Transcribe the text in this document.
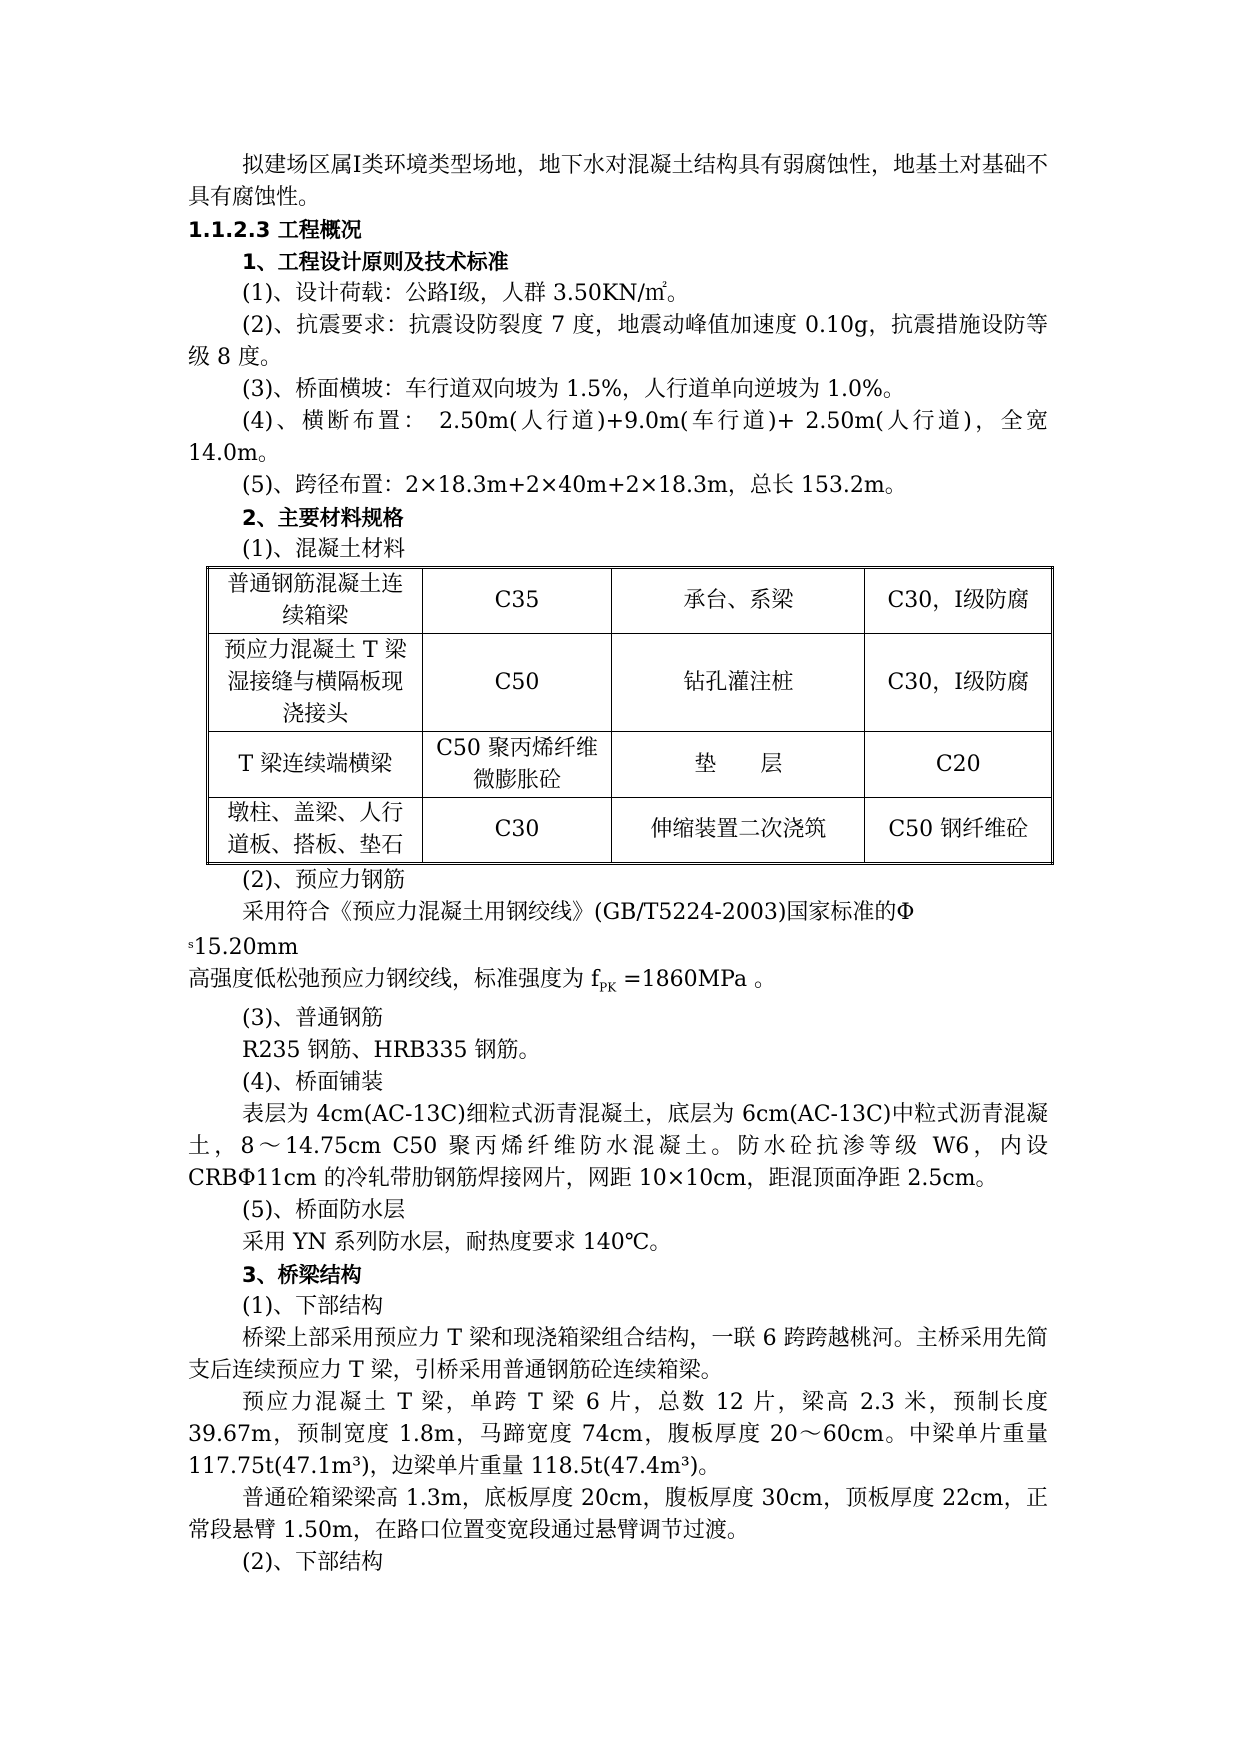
拟建场区属Ⅰ类环境类型场地，地下水对混凝土结构具有弱腐蚀性，地基土对基础不具有腐蚀性。

1.1.2.3 工程概况

1、工程设计原则及技术标准

(1)、设计荷载：公路Ⅰ级，人群 3.50KN/㎡。

(2)、抗震要求：抗震设防裂度 7 度，地震动峰值加速度 0.10g，抗震措施设防等级 8 度。

(3)、桥面横坡：车行道双向坡为 1.5%，人行道单向逆坡为 1.0%。

(4)、横断布置： 2.50m(人行道)+9.0m(车行道)+ 2.50m(人行道)，全宽 14.0m。

(5)、跨径布置：2×18.3m+2×40m+2×18.3m，总长 153.2m。

2、主要材料规格

(1)、混凝土材料

普通钢筋混凝土连续箱梁	C35	承台、系梁	C30，Ⅰ级防腐
预应力混凝土 T 梁湿接缝与横隔板现浇接头	C50	钻孔灌注桩	C30，Ⅰ级防腐
T 梁连续端横梁	C50 聚丙烯纤维微膨胀砼	垫　　层	C20
墩柱、盖梁、人行道板、搭板、垫石	C30	伸缩装置二次浇筑	C50 钢纤维砼

(2)、预应力钢筋

采用符合《预应力混凝土用钢绞线》(GB/T5224-2003)国家标准的Φ

$^s$15.20mm

高强度低松弛预应力钢绞线，标准强度为 $f_{PK} =1860MPa$ 。

(3)、普通钢筋

R235 钢筋、HRB335 钢筋。

(4)、桥面铺装

表层为 4cm(AC-13C)细粒式沥青混凝土，底层为 6cm(AC-13C)中粒式沥青混凝土，8～14.75cm C50 聚丙烯纤维防水混凝土。防水砼抗渗等级 W6，内设 CRBΦ11cm 的冷轧带肋钢筋焊接网片，网距 10×10cm，距混顶面净距 2.5cm。

(5)、桥面防水层

采用 YN 系列防水层，耐热度要求 140℃。

3、桥梁结构

(1)、下部结构

桥梁上部采用预应力 T 梁和现浇箱梁组合结构，一联 6 跨跨越桃河。主桥采用先简支后连续预应力 T 梁，引桥采用普通钢筋砼连续箱梁。

预应力混凝土 T 梁，单跨 T 梁 6 片，总数 12 片，梁高 2.3 米，预制长度 39.67m，预制宽度 1.8m，马蹄宽度 74cm，腹板厚度 20～60cm。中梁单片重量 117.75t(47.1m³)，边梁单片重量 118.5t(47.4m³)。

普通砼箱梁梁高 1.3m，底板厚度 20cm，腹板厚度 30cm，顶板厚度 22cm，正常段悬臂 1.50m，在路口位置变宽段通过悬臂调节过渡。

(2)、下部结构
